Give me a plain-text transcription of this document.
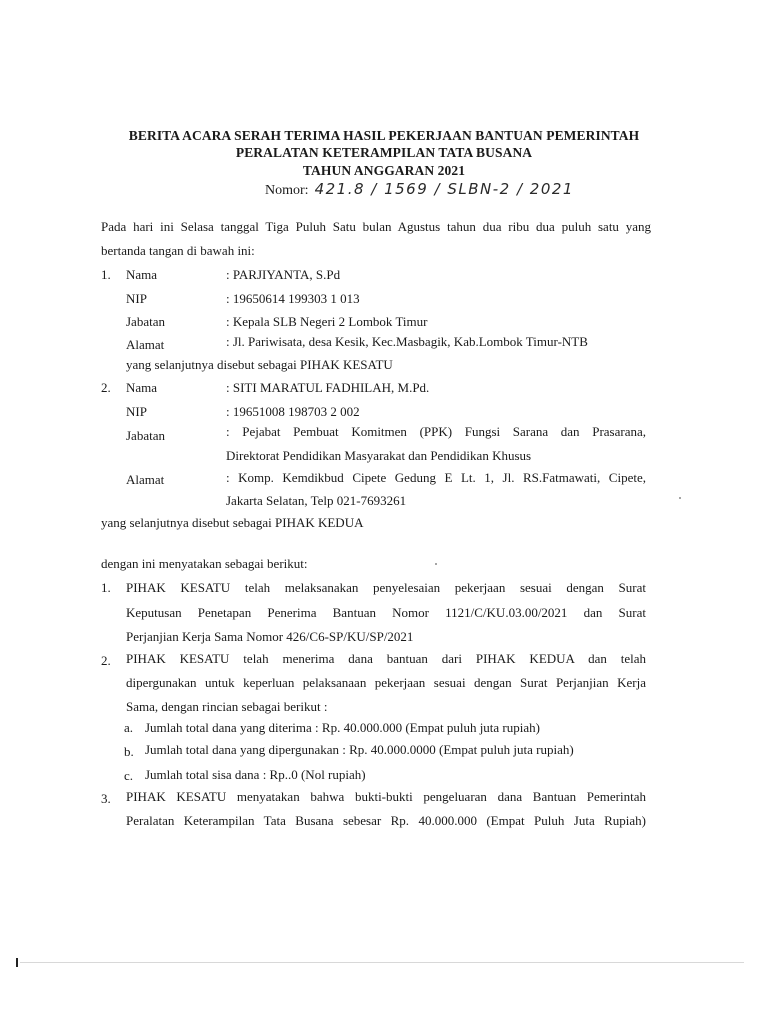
BERITA ACARA SERAH TERIMA HASIL PEKERJAAN BANTUAN PEMERINTAH
PERALATAN KETERAMPILAN TATA BUSANA
TAHUN ANGGARAN 2021
Nomor: 421.8 / 1569 / SLBN-2 / 2021
Pada hari ini Selasa tanggal Tiga Puluh Satu bulan Agustus tahun dua ribu dua puluh satu yang
bertanda tangan di bawah ini:
1. Nama	: PARJIYANTA, S.Pd
NIP	: 19650614 199303 1 013
Jabatan	: Kepala SLB Negeri 2 Lombok Timur
Alamat	: Jl. Pariwisata, desa Kesik, Kec.Masbagik, Kab.Lombok Timur-NTB
yang selanjutnya disebut sebagai PIHAK KESATU
2. Nama	: SITI MARATUL FADHILAH, M.Pd.
NIP	: 19651008 198703 2 002
Jabatan	: Pejabat Pembuat Komitmen (PPK) Fungsi Sarana dan Prasarana,
Direktorat Pendidikan Masyarakat dan Pendidikan Khusus
Alamat	: Komp. Kemdikbud Cipete Gedung E Lt. 1, Jl. RS.Fatmawati, Cipete,
Jakarta Selatan, Telp 021-7693261
yang selanjutnya disebut sebagai PIHAK KEDUA
dengan ini menyatakan sebagai berikut:
1. PIHAK KESATU telah melaksanakan penyelesaian pekerjaan sesuai dengan Surat
Keputusan Penetapan Penerima Bantuan Nomor 1121/C/KU.03.00/2021 dan Surat
Perjanjian Kerja Sama Nomor 426/C6-SP/KU/SP/2021
2. PIHAK KESATU telah menerima dana bantuan dari PIHAK KEDUA dan telah
dipergunakan untuk keperluan pelaksanaan pekerjaan sesuai dengan Surat Perjanjian Kerja
Sama, dengan rincian sebagai berikut :
a. Jumlah total dana yang diterima : Rp. 40.000.000 (Empat puluh juta rupiah)
b. Jumlah total dana yang dipergunakan : Rp. 40.000.0000 (Empat puluh juta rupiah)
c. Jumlah total sisa dana : Rp..0 (Nol rupiah)
3. PIHAK KESATU menyatakan bahwa bukti-bukti pengeluaran dana Bantuan Pemerintah
Peralatan Keterampilan Tata Busana sebesar Rp. 40.000.000 (Empat Puluh Juta Rupiah)
